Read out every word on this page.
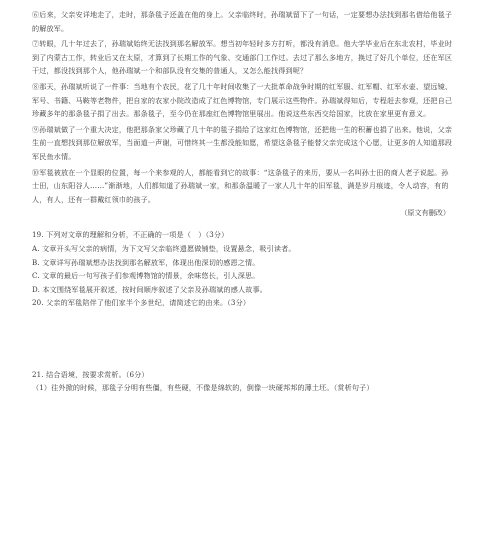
⑥后来，父亲安详地走了，走时，那条毯子还盖在他的身上。父亲临终时，孙瑞斌留下了一句话，一定要想办法找到那名借给他毯子的解放军。

⑦转眼，几十年过去了，孙瑞斌始终无法找到那名解放军。想当初年轻时多方打听，都没有消息。他大学毕业后在东北农村，毕业时到了内蒙古工作，转业后又在太原，才算到了长期工作的气象、交通部门工作过。去过了那么多地方，换过了好几个单位，还在军区干过，都没找到那个人，他孙瑞斌一个和部队没有交集的普通人，又怎么能找得到呢？

⑧那天，孙瑞斌听说了一件事：当地有个农民，花了几十年时间收集了一大批革命战争时期的红军服、红军帽、红军水壶、望远镜、军号、书籍、马鞍等老物件，把自家的农家小院改造成了红色博物馆，专门展示这些物件。孙瑞斌得知后，专程赶去参观，还把自己珍藏多年的那条毯子捐了出去。那条毯子，至今仍在那座红色博物馆里展出。他说这些东西交给国家，比放在家里更有意义。

⑨孙瑞斌做了一个重大决定，他把那条家父珍藏了几十年的毯子捐给了这家红色博物馆，还把他一生的积蓄也捐了出来。他说，父亲生前一直想找到那位解放军，当面道一声谢，可惜终其一生都没能如愿，希望这条毯子能替父亲完成这个心愿，让更多的人知道那段军民鱼水情。

⑩军毯被放在一个显眼的位置，每一个来参观的人，都能看到它的故事：“这条毯子的来历，要从一名叫孙士田的商人老子说起。孙士田，山东阳谷人……”渐渐地，人们都知道了孙瑞斌一家，和那条温暖了一家人几十年的旧军毯，满是岁月痕迹，令人动容，有的人，有人，还有一群戴红领巾的孩子。

（原文有删改）

19. 下列对文章的理解和分析，不正确的一项是（　）（3分）

A. 文章开头写父亲的病情，为下文写父亲临终遗愿做铺垫，设置悬念，吸引读者。

B. 文章详写孙瑞斌想办法找到那名解放军，体现出他深切的感恩之情。

C. 文章的最后一句写孩子们参观博物馆的情景，余味悠长，引人深思。

D. 本文围绕军毯展开叙述，按时间顺序叙述了父亲及孙瑞斌的感人故事。

20. 父亲的军毯陪伴了他们家半个多世纪，请简述它的由来。（3分）

21. 结合语境，按要求赏析。（6分）

（1）往外掀的时候，那毯子分明有些僵，有些硬，不像是绵软的，倒像一块硬邦邦的薄土坯。（赏析句子）
